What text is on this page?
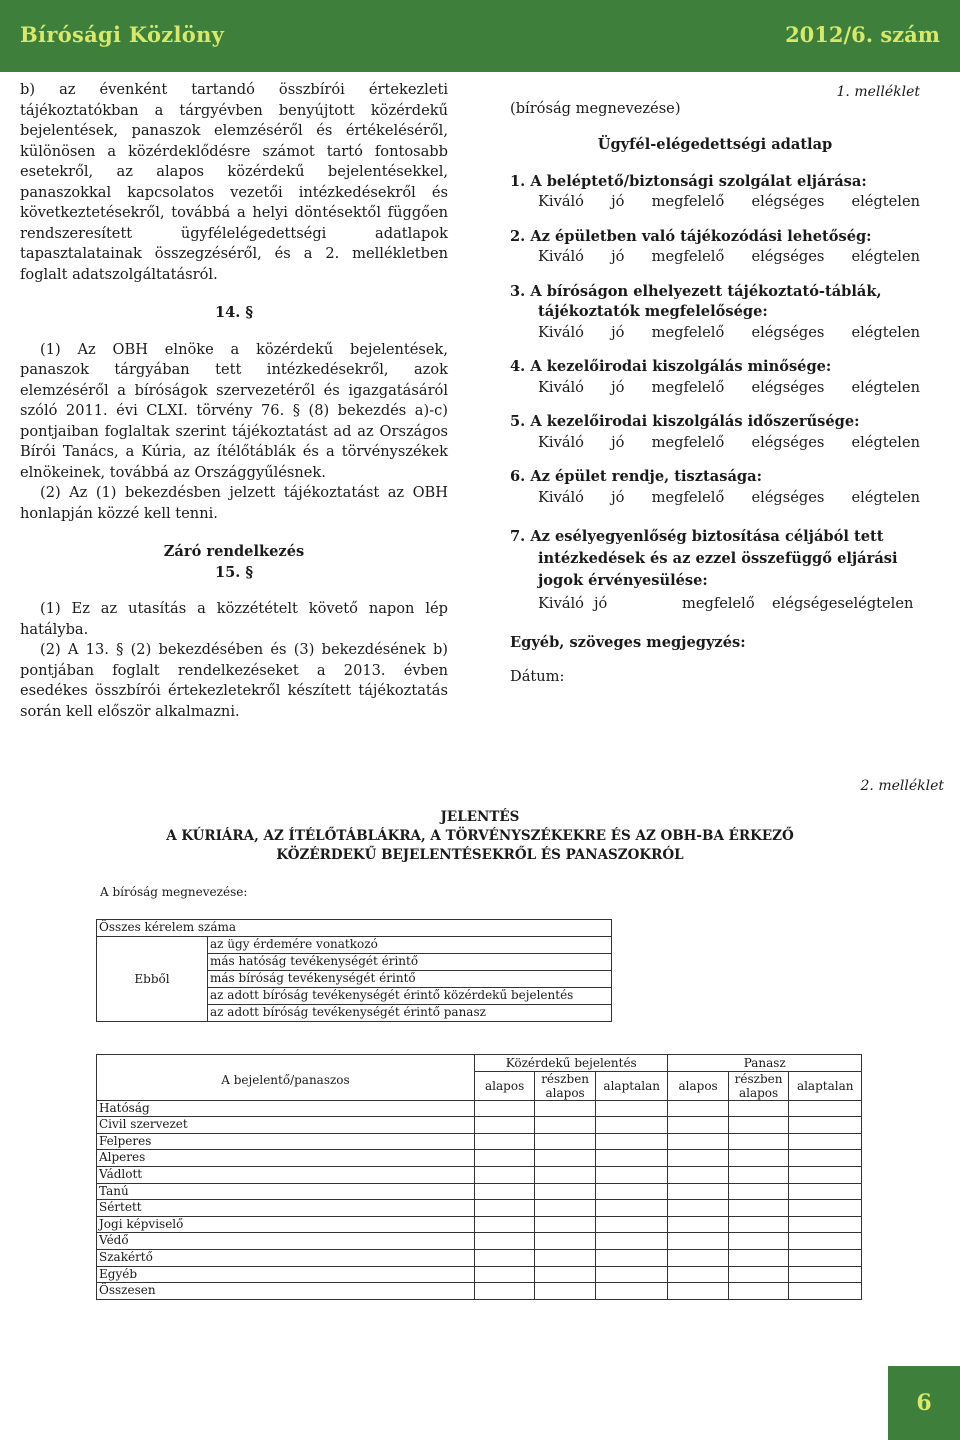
Bírósági Közlöny	2012/6. szám

b) az évenként tartandó összbírói értekezleti tájékoztatókban a tárgyévben benyújtott közérdekű bejelentések, panaszok elemzéséről és értékeléséről, különösen a közérdeklődésre számot tartó fontosabb esetekről, az alapos közérdekű bejelentésekkel, panaszokkal kapcsolatos vezetői intézkedésekről és következtetésekről, továbbá a helyi döntésektől függően rendszeresített ügyfélelégedettségi adatlapok tapasztalatainak összegzéséről, és a 2. mellékletben foglalt adatszolgáltatásról.

14. §

(1) Az OBH elnöke a közérdekű bejelentések, panaszok tárgyában tett intézkedésekről, azok elemzéséről a bíróságok szervezetéről és igazgatásáról szóló 2011. évi CLXI. törvény 76. § (8) bekezdés a)-c) pontjaiban foglaltak szerint tájékoztatást ad az Országos Bírói Tanács, a Kúria, az ítélőtáblák és a törvényszékek elnökeinek, továbbá az Országgyűlésnek.

(2) Az (1) bekezdésben jelzett tájékoztatást az OBH honlapján közzé kell tenni.

Záró rendelkezés
15. §

(1) Ez az utasítás a közzétételt követő napon lép hatályba.

(2) A 13. § (2) bekezdésében és (3) bekezdésének b) pontjában foglalt rendelkezéseket a 2013. évben esedékes összbírói értekezletekről készített tájékoztatás során kell először alkalmazni.

1. melléklet
(bíróság megnevezése)
Ügyfél-elégedettségi adatlap
1. A beléptető/biztonsági szolgálat eljárása:
Kiváló jó megfelelő elégséges elégtelen
2. Az épületben való tájékozódási lehetőség:
Kiváló jó megfelelő elégséges elégtelen
3. A bíróságon elhelyezett tájékoztató-táblák, tájékoztatók megfelelősége:
Kiváló jó megfelelő elégséges elégtelen
4. A kezelőirodai kiszolgálás minősége:
Kiváló jó megfelelő elégséges elégtelen
5. A kezelőirodai kiszolgálás időszerűsége:
Kiváló jó megfelelő elégséges elégtelen
6. Az épület rendje, tisztasága:
Kiváló jó megfelelő elégséges elégtelen
7. Az esélyegyenlőség biztosítása céljából tett intézkedések és az ezzel összefüggő eljárási jogok érvényesülése:
Kiváló jó	megfelelő	elégségeselégtelen
Egyéb, szöveges megjegyzés:
Dátum:
2. melléklet
JELENTÉS
A KÚRIÁRA, AZ ÍTÉLŐTÁBLÁKRA, A TÖRVÉNYSZÉKEKRE ÉS AZ OBH-BA ÉRKEZŐ
KÖZÉRDEKŰ BEJELENTÉSEKRŐL ÉS PANASZOKRÓL
A bíróság megnevezése:
Összes kérelem száma
Ebből	az ügy érdemére vonatkozó
más hatóság tevékenységét érintő
más bíróság tevékenységét érintő
az adott bíróság tevékenységét érintő közérdekű bejelentés
az adott bíróság tevékenységét érintő panasz
A bejelentő/panaszos	Közérdekű bejelentés			Panasz		
	alapos	részben alapos	alaptalan	alapos	részben alapos	alaptalan

Hatóság						
Civil szervezet						
Felperes						
Alperes						
Vádlott						
Tanú						
Sértett						
Jogi képviselő						
Védő						
Szakértő						
Egyéb						
Összesen						
6
